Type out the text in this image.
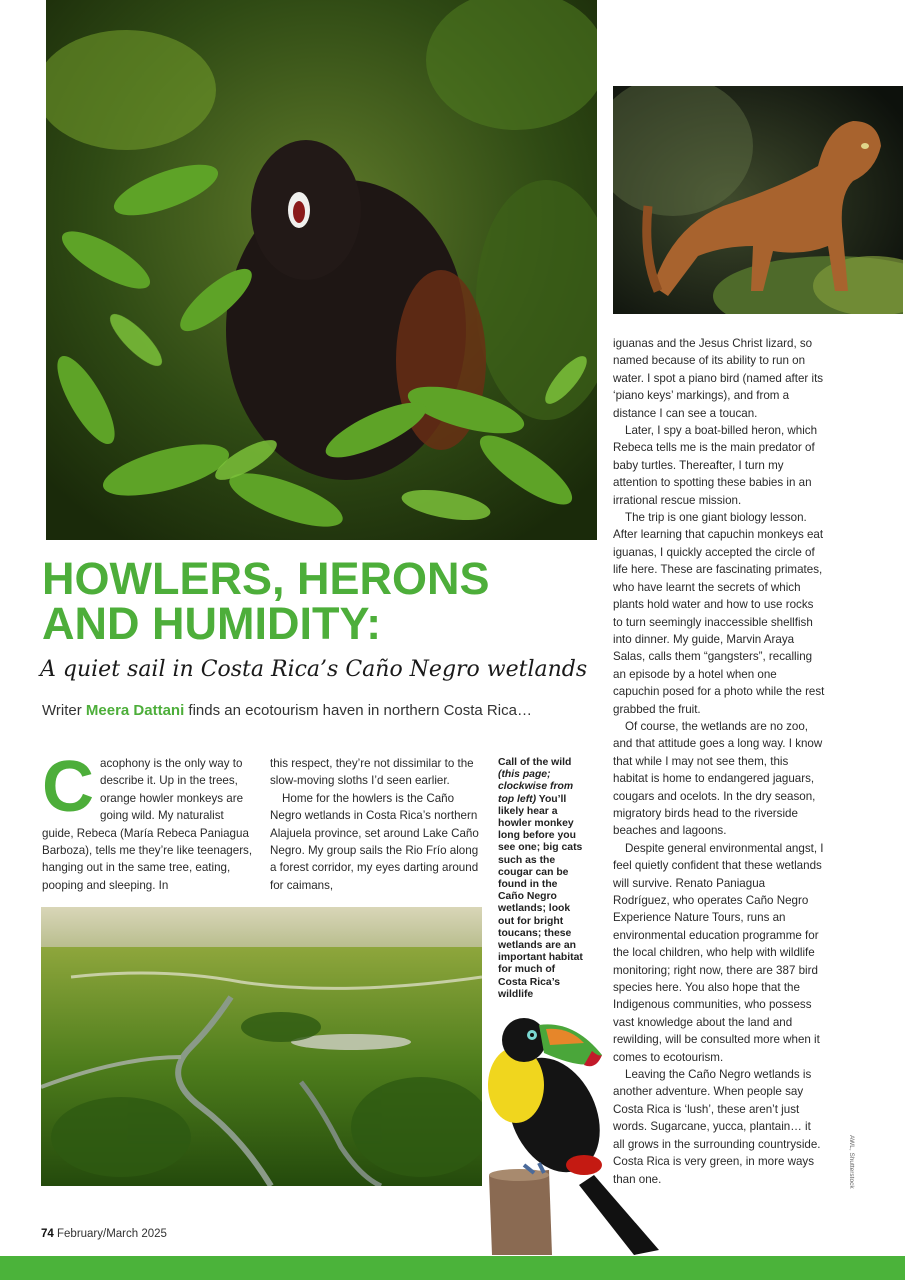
HOWLERS, HERONS
AND HUMIDITY:

A quiet sail in Costa Rica’s Caño Negro wetlands

Writer Meera Dattani finds an ecotourism haven in northern Costa Rica…

C acophony is the only way to describe it. Up in the trees, orange howler monkeys are going wild. My naturalist guide, Rebeca (María Rebeca Paniagua Barboza), tells me they’re like teenagers, hanging out in the same tree, eating, pooping and sleeping. In

this respect, they’re not dissimilar to the slow-moving sloths I’d seen earlier.

Home for the howlers is the Caño Negro wetlands in Costa Rica’s northern Alajuela province, set around Lake Caño Negro. My group sails the Rio Frío along a forest corridor, my eyes darting around for caimans,

Call of the wild
(this page; clockwise from top left) You’ll likely hear a howler monkey long before you see one; big cats such as the cougar can be found in the Caño Negro wetlands; look out for bright toucans; these wetlands are an important habitat for much of Costa Rica’s wildlife

iguanas and the Jesus Christ lizard, so named because of its ability to run on water. I spot a piano bird (named after its ‘piano keys’ markings), and from a distance I can see a toucan.

Later, I spy a boat-billed heron, which Rebeca tells me is the main predator of baby turtles. Thereafter, I turn my attention to spotting these babies in an irrational rescue mission.

The trip is one giant biology lesson. After learning that capuchin monkeys eat iguanas, I quickly accepted the circle of life here. These are fascinating primates, who have learnt the secrets of which plants hold water and how to use rocks to turn seemingly inaccessible shellfish into dinner. My guide, Marvin Araya Salas, calls them “gangsters”, recalling an episode by a hotel when one capuchin posed for a photo while the rest grabbed the fruit.

Of course, the wetlands are no zoo, and that attitude goes a long way. I know that while I may not see them, this habitat is home to endangered jaguars, cougars and ocelots. In the dry season, migratory birds head to the riverside beaches and lagoons.

Despite general environmental angst, I feel quietly confident that these wetlands will survive. Renato Paniagua Rodríguez, who operates Caño Negro Experience Nature Tours, runs an environmental education programme for the local children, who help with wildlife monitoring; right now, there are 387 bird species here. You also hope that the Indigenous communities, who possess vast knowledge about the land and rewilding, will be consulted more when it comes to ecotourism.

Leaving the Caño Negro wetlands is another adventure. When people say Costa Rica is ‘lush’, these aren’t just words. Sugarcane, yucca, plantain… it all grows in the surrounding countryside. Costa Rica is very green, in more ways than one.	AWL, Shutterstock
74 February/March 2025
